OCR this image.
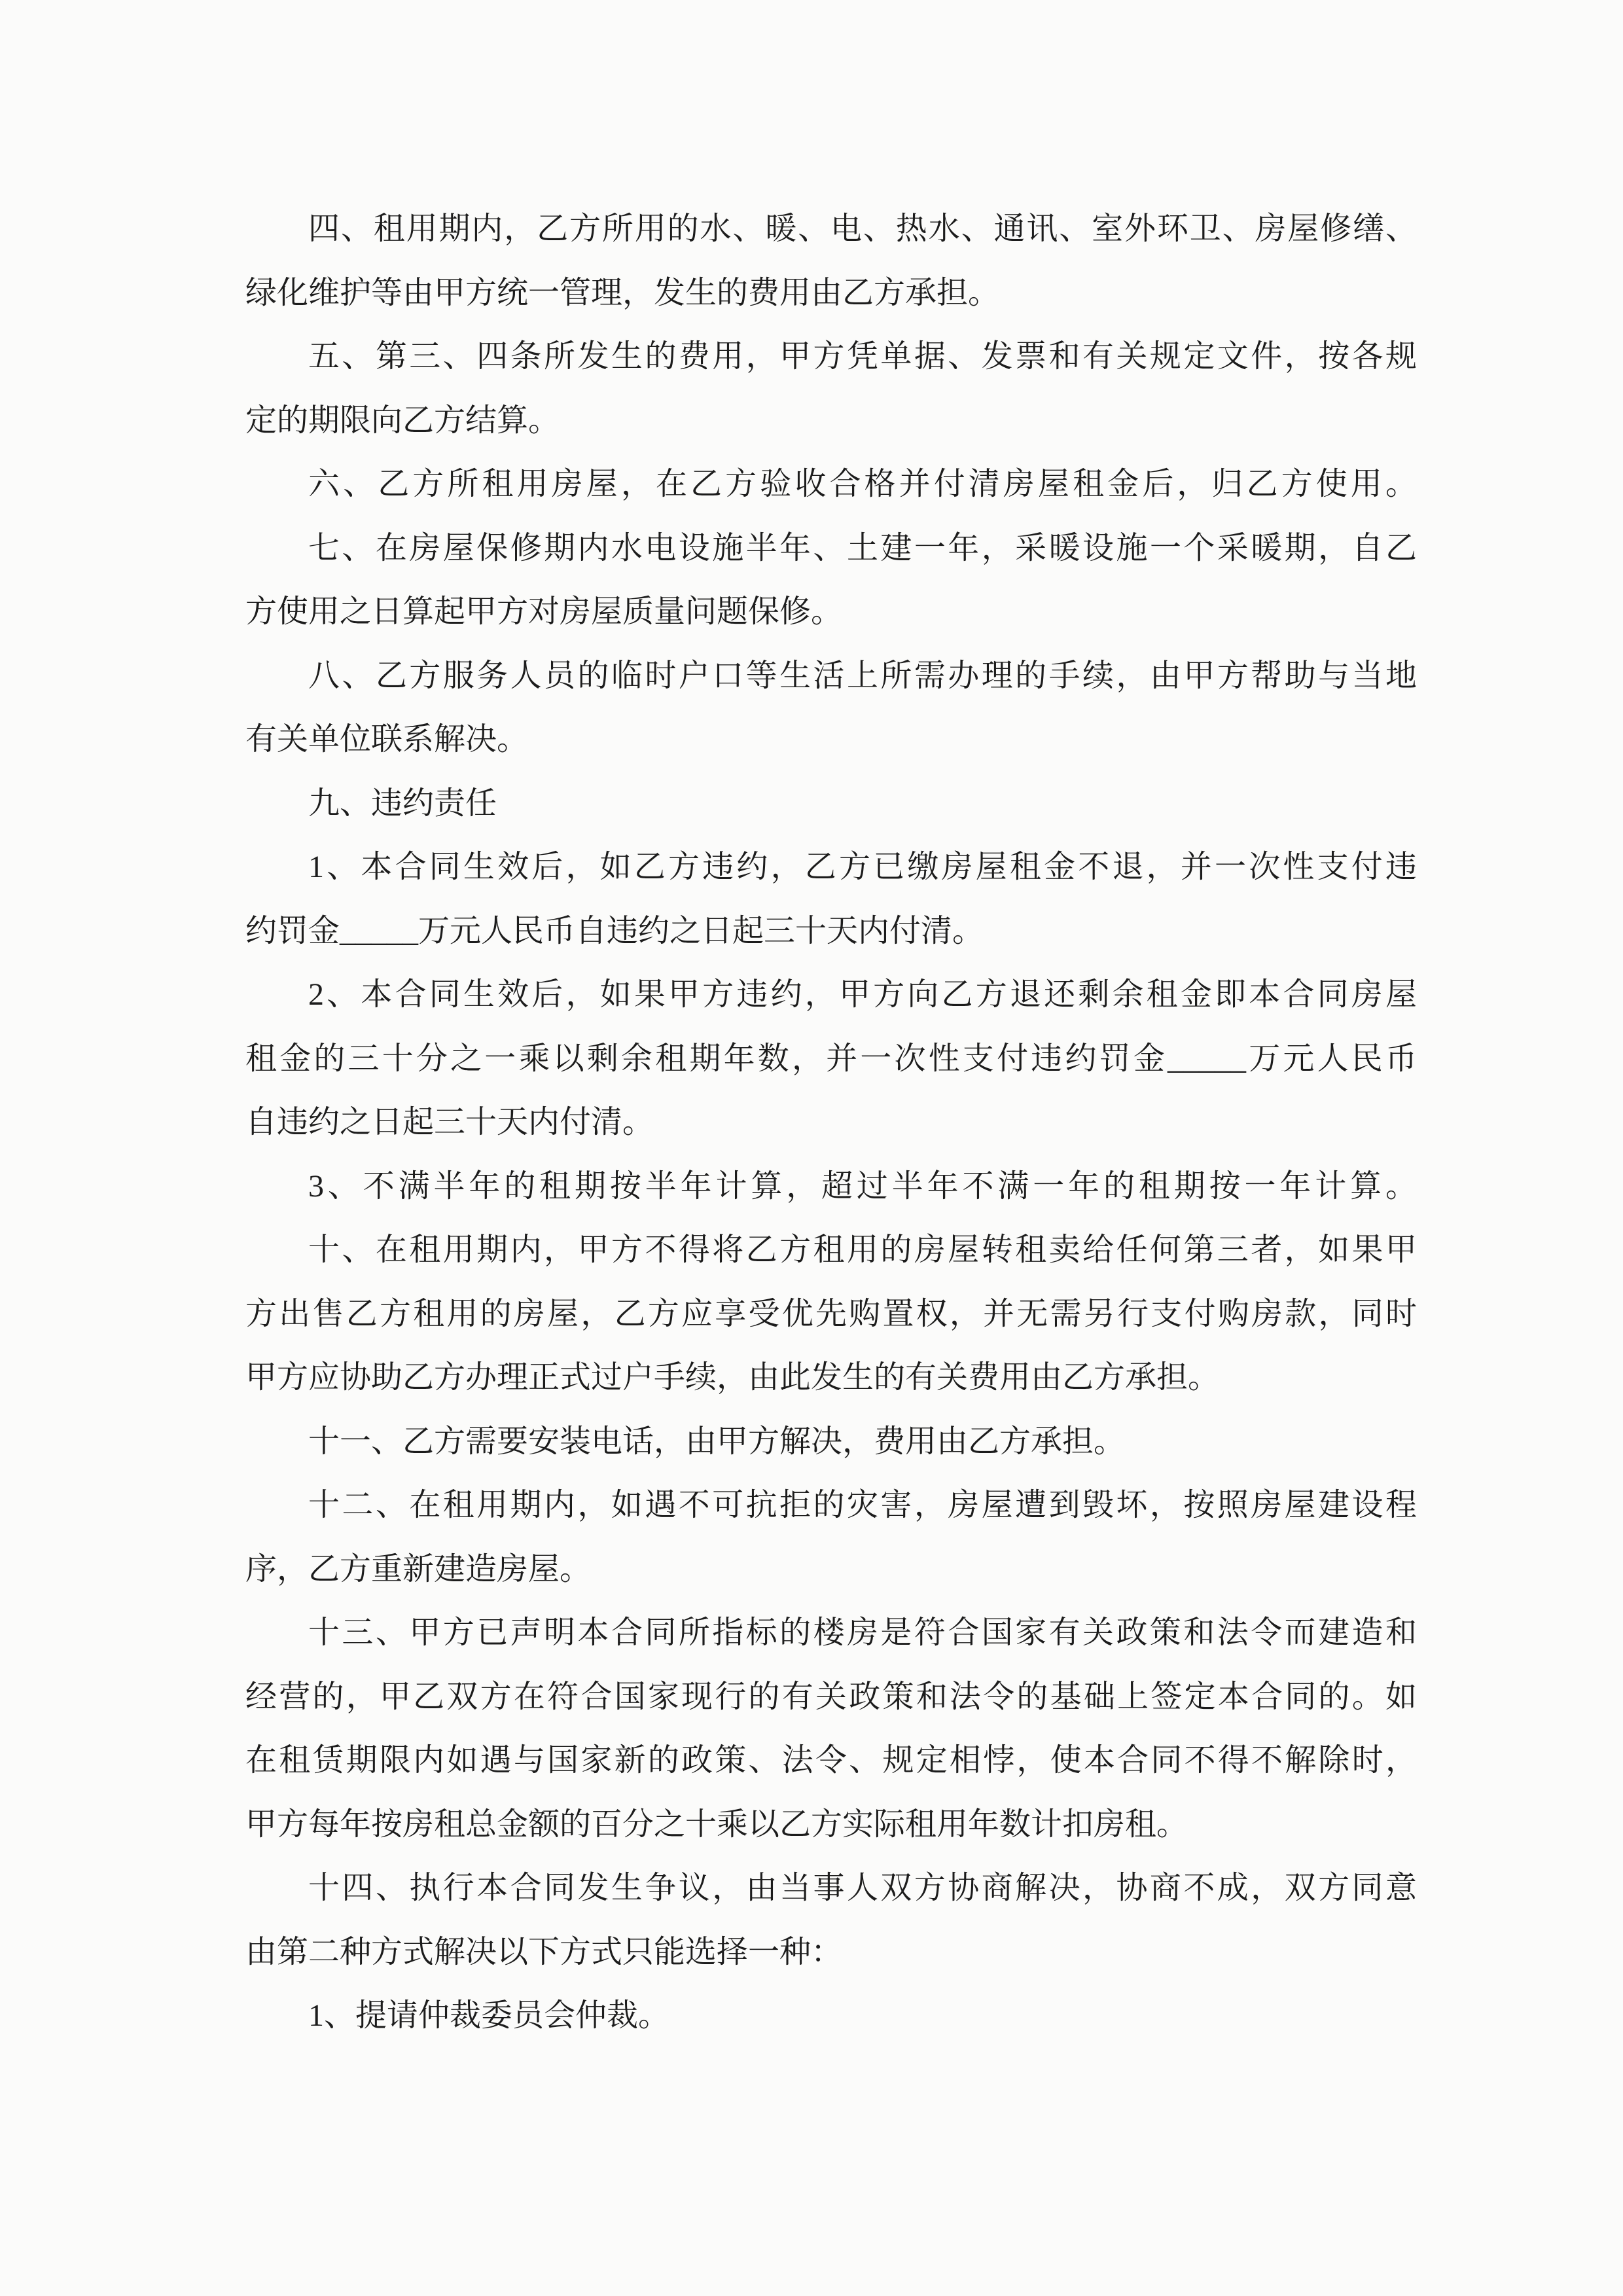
四、租用期内，乙方所用的水、暖、电、热水、通讯、室外环卫、房屋修缮、
绿化维护等由甲方统一管理，发生的费用由乙方承担。
五、第三、四条所发生的费用，甲方凭单据、发票和有关规定文件，按各规
定的期限向乙方结算。
六、乙方所租用房屋，在乙方验收合格并付清房屋租金后，归乙方使用。
七、在房屋保修期内水电设施半年、土建一年，采暖设施一个采暖期，自乙
方使用之日算起甲方对房屋质量问题保修。
八、乙方服务人员的临时户口等生活上所需办理的手续，由甲方帮助与当地
有关单位联系解决。
九、违约责任
1、本合同生效后，如乙方违约，乙方已缴房屋租金不退，并一次性支付违
约罚金_____万元人民币自违约之日起三十天内付清。
2、本合同生效后，如果甲方违约，甲方向乙方退还剩余租金即本合同房屋
租金的三十分之一乘以剩余租期年数，并一次性支付违约罚金_____万元人民币
自违约之日起三十天内付清。
3、不满半年的租期按半年计算，超过半年不满一年的租期按一年计算。
十、在租用期内，甲方不得将乙方租用的房屋转租卖给任何第三者，如果甲
方出售乙方租用的房屋，乙方应享受优先购置权，并无需另行支付购房款，同时
甲方应协助乙方办理正式过户手续，由此发生的有关费用由乙方承担。
十一、乙方需要安装电话，由甲方解决，费用由乙方承担。
十二、在租用期内，如遇不可抗拒的灾害，房屋遭到毁坏，按照房屋建设程
序，乙方重新建造房屋。
十三、甲方已声明本合同所指标的楼房是符合国家有关政策和法令而建造和
经营的，甲乙双方在符合国家现行的有关政策和法令的基础上签定本合同的。如
在租赁期限内如遇与国家新的政策、法令、规定相悖，使本合同不得不解除时，
甲方每年按房租总金额的百分之十乘以乙方实际租用年数计扣房租。
十四、执行本合同发生争议，由当事人双方协商解决，协商不成，双方同意
由第二种方式解决以下方式只能选择一种：
1、提请仲裁委员会仲裁。
